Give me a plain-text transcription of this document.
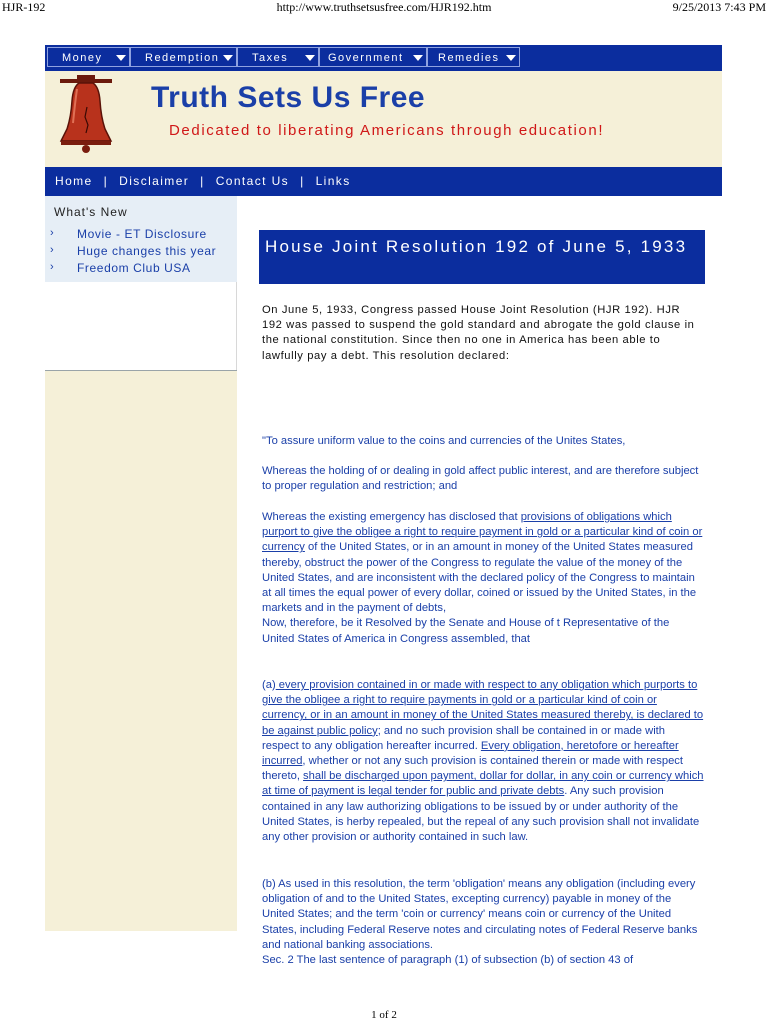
HJR-192	http://www.truthsetsusfree.com/HJR192.htm	9/25/2013 7:43 PM
Money	Redemption	Taxes	Government	Remedies
Truth Sets Us Free
Dedicated to liberating Americans through education!
Home | Disclaimer | Contact Us | Links
What's New
› Movie - ET Disclosure
› Huge changes this year
› Freedom Club USA
House Joint Resolution 192 of June 5, 1933
On June 5, 1933, Congress passed House Joint Resolution (HJR 192). HJR 192 was passed to suspend the gold standard and abrogate the gold clause in the national constitution. Since then no one in America has been able to lawfully pay a debt. This resolution declared:
"To assure uniform value to the coins and currencies of the Unites States,
Whereas the holding of or dealing in gold affect public interest, and are therefore subject to proper regulation and restriction; and
Whereas the existing emergency has disclosed that provisions of obligations which purport to give the obligee a right to require payment in gold or a particular kind of coin or currency of the United States, or in an amount in money of the United States measured thereby, obstruct the power of the Congress to regulate the value of the money of the United States, and are inconsistent with the declared policy of the Congress to maintain at all times the equal power of every dollar, coined or issued by the United States, in the markets and in the payment of debts,
Now, therefore, be it Resolved by the Senate and House of t Representative of the United States of America in Congress assembled, that
(a) every provision contained in or made with respect to any obligation which purports to give the obligee a right to require payments in gold or a particular kind of coin or currency, or in an amount in money of the United States measured thereby, is declared to be against public policy; and no such provision shall be contained in or made with respect to any obligation hereafter incurred. Every obligation, heretofore or hereafter incurred, whether or not any such provision is contained therein or made with respect thereto, shall be discharged upon payment, dollar for dollar, in any coin or currency which at time of payment is legal tender for public and private debts. Any such provision contained in any law authorizing obligations to be issued by or under authority of the United States, is herby repealed, but the repeal of any such provision shall not invalidate any other provision or authority contained in such law.
(b) As used in this resolution, the term 'obligation' means any obligation (including every obligation of and to the United States, excepting currency) payable in money of the United States; and the term 'coin or currency' means coin or currency of the United States, including Federal Reserve notes and circulating notes of Federal Reserve banks and national banking associations.
Sec. 2 The last sentence of paragraph (1) of subsection (b) of section 43 of
1 of 2
